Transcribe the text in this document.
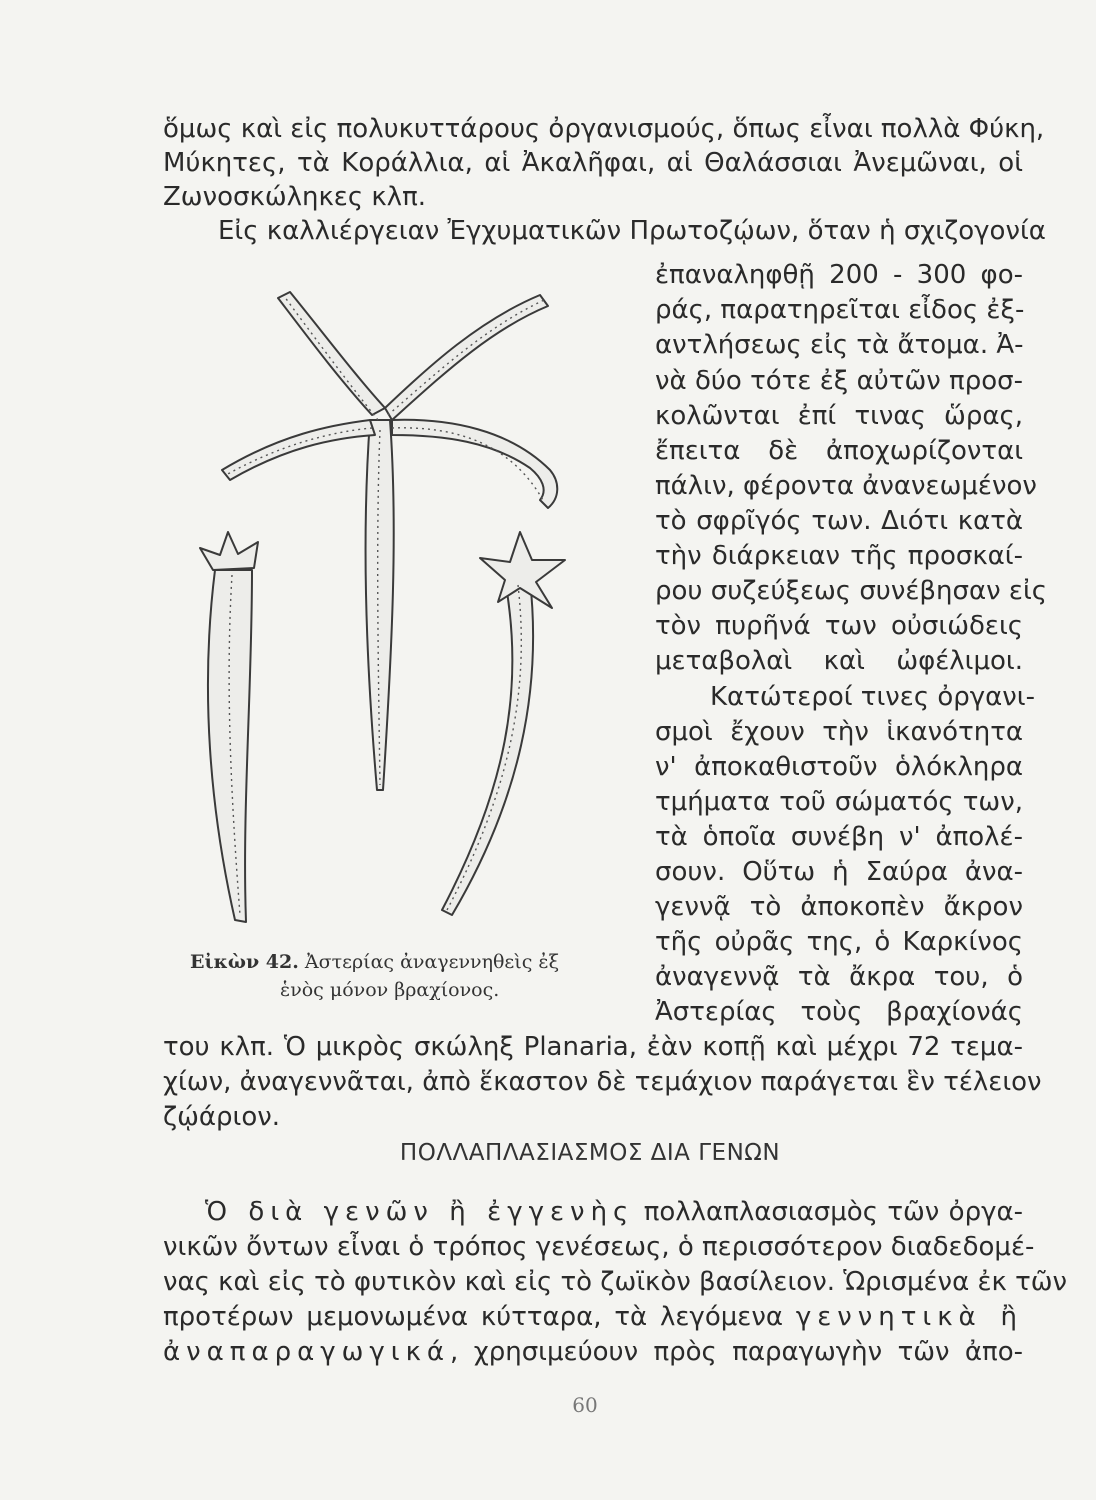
ὅμως καὶ εἰς πολυκυττάρους ὀργανισμούς, ὅπως εἶναι πολλὰ Φύκη,

Μύκητες, τὰ Κοράλλια, αἱ Ἀκαλῆφαι, αἱ Θαλάσσιαι Ἀνεμῶναι, οἱ

Ζωνοσκώληκες κλπ.

Εἰς καλλιέργειαν Ἐγχυματικῶν Πρωτοζῴων, ὅταν ἡ σχιζογονία

ἐπαναληφθῇ 200 - 300 φο-

ράς, παρατηρεῖται εἶδος ἐξ-

αντλήσεως εἰς τὰ ἄτομα. Ἀ-

νὰ δύο τότε ἐξ αὐτῶν προσ-

κολῶνται ἐπί τινας ὥρας,

ἔπειτα δὲ ἀποχωρίζονται

πάλιν, φέροντα ἀνανεωμένον

τὸ σφρῖγός των. Διότι κατὰ

τὴν διάρκειαν τῆς προσκαί-

ρου συζεύξεως συνέβησαν εἰς

τὸν πυρῆνά των οὐσιώδεις

μεταβολαὶ καὶ ὠφέλιμοι.

Κατώτεροί τινες ὀργανι-

σμοὶ ἔχουν τὴν ἱκανότητα

ν' ἀποκαθιστοῦν ὁλόκληρα

τμήματα τοῦ σώματός των,

τὰ ὁποῖα συνέβη ν' ἀπολέ-

σουν. Οὕτω ἡ Σαύρα ἀνα-

γεννᾷ τὸ ἀποκοπὲν ἄκρον

τῆς οὐρᾶς της, ὁ Καρκίνος

ἀναγεννᾷ τὰ ἄκρα του, ὁ

Ἀστερίας τοὺς βραχίονάς

Εἰκὼν 42. Ἀστερίας ἀναγεννηθεὶς ἐξ
ἑνὸς μόνον βραχίονος.

του κλπ. Ὁ μικρὸς σκώληξ Planaria, ἐὰν κοπῇ καὶ μέχρι 72 τεμα-

χίων, ἀναγεννᾶται, ἀπὸ ἕκαστον δὲ τεμάχιον παράγεται ἓν τέλειον

ζῴάριον.

ΠΟΛΛΑΠΛΑΣΙΑΣΜΟΣ ΔΙΑ ΓΕΝΩΝ

Ὁ διὰ γενῶν ἢ ἐγγενὴς πολλαπλασιασμὸς τῶν ὀργα-

νικῶν ὄντων εἶναι ὁ τρόπος γενέσεως, ὁ περισσότερον διαδεδομέ-

νας καὶ εἰς τὸ φυτικὸν καὶ εἰς τὸ ζωϊκὸν βασίλειον. Ὡρισμένα ἐκ τῶν

προτέρων μεμονωμένα κύτταρα, τὰ λεγόμενα γεννητικὰ ἢ

ἀναπαραγωγικά, χρησιμεύουν πρὸς παραγωγὴν τῶν ἀπο-

60
